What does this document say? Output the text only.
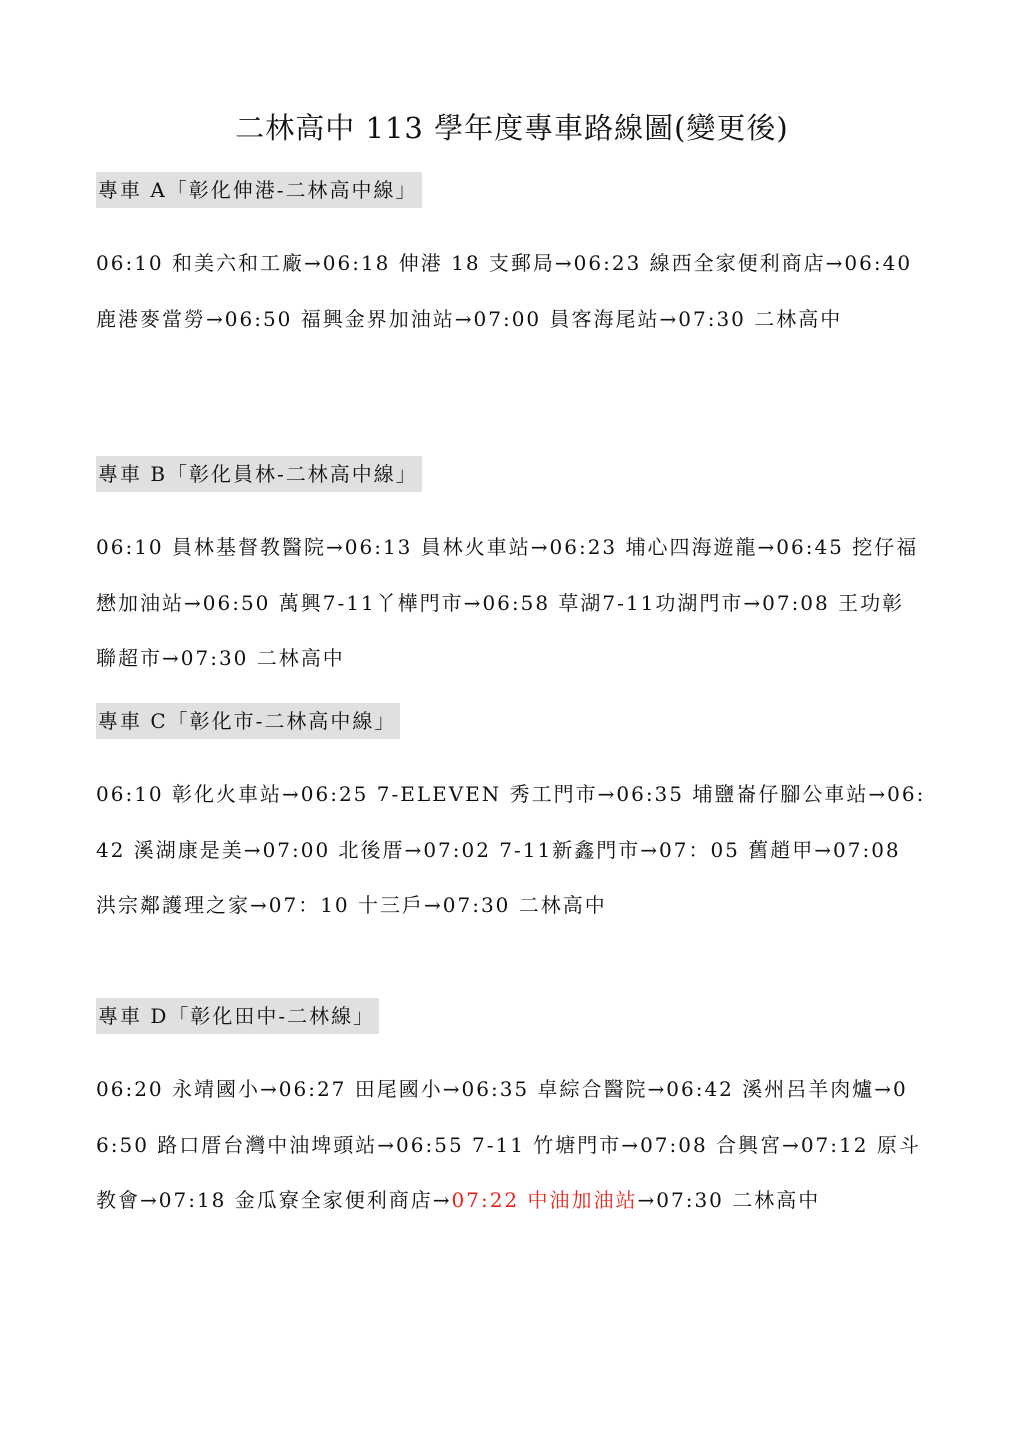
二林高中 113 學年度專車路線圖(變更後)
專車 A「彰化伸港-二林高中線」
06:10 和美六和工廠→06:18 伸港 18 支郵局→06:23 線西全家便利商店→06:40 鹿港麥當勞→06:50 福興金界加油站→07:00 員客海尾站→07:30 二林高中
專車 B「彰化員林-二林高中線」
06:10 員林基督教醫院→06:13 員林火車站→06:23 埔心四海遊龍→06:45 挖仔福懋加油站→06:50 萬興7-11丫樺門市→06:58 草湖7-11功湖門市→07:08 王功彰聯超市→07:30 二林高中
專車 C「彰化市-二林高中線」
06:10 彰化火車站→06:25 7-ELEVEN 秀工門市→06:35 埔鹽崙仔腳公車站→06:42 溪湖康是美→07:00 北後厝→07:02 7-11新鑫門市→07：05 舊趙甲→07:08 洪宗鄰護理之家→07：10 十三戶→07:30 二林高中
專車 D「彰化田中-二林線」
06:20 永靖國小→06:27 田尾國小→06:35 卓綜合醫院→06:42 溪州呂羊肉爐→06:50 路口厝台灣中油埤頭站→06:55 7-11 竹塘門市→07:08 合興宮→07:12 原斗教會→07:18 金瓜寮全家便利商店→07:22 中油加油站→07:30 二林高中
